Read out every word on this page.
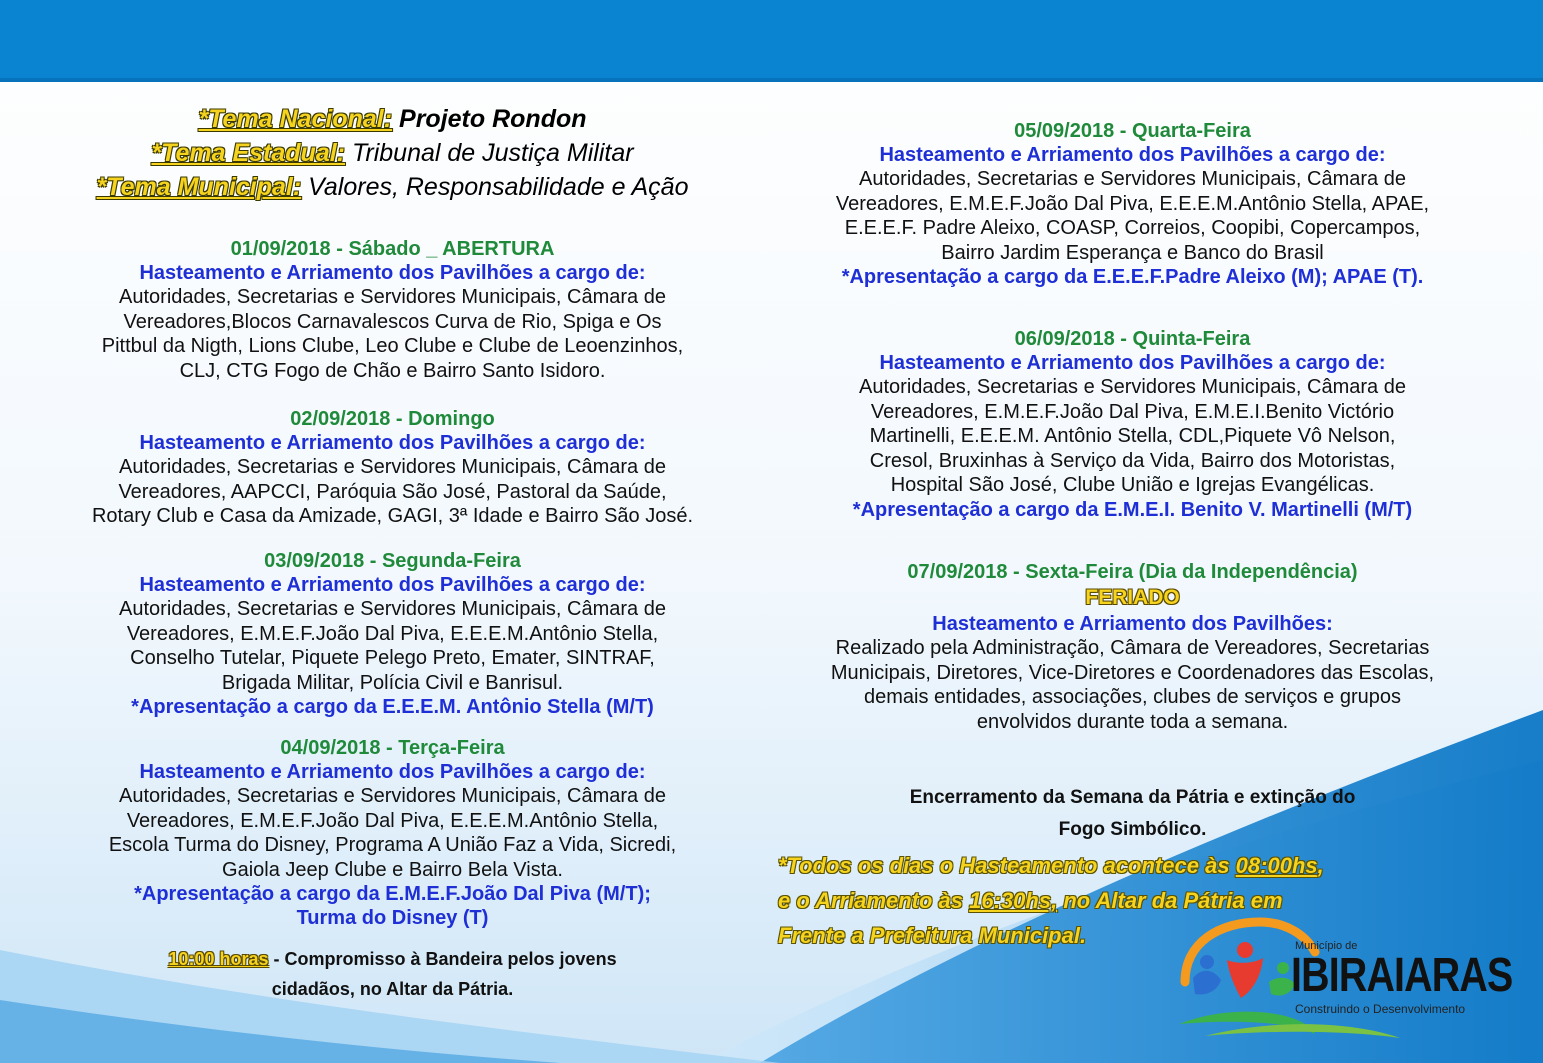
*Tema Nacional: Projeto Rondon
*Tema Estadual: Tribunal de Justiça Militar
*Tema Municipal: Valores, Responsabilidade e Ação
01/09/2018 - Sábado _ ABERTURA
Hasteamento e Arriamento dos Pavilhões a cargo de:
Autoridades, Secretarias e Servidores Municipais, Câmara de
Vereadores,Blocos Carnavalescos Curva de Rio, Spiga e Os
Pittbul da Nigth, Lions Clube, Leo Clube e Clube de Leoenzinhos,
CLJ, CTG Fogo de Chão e Bairro Santo Isidoro.
02/09/2018 - Domingo
Hasteamento e Arriamento dos Pavilhões a cargo de:
Autoridades, Secretarias e Servidores Municipais, Câmara de
Vereadores, AAPCCI, Paróquia São José, Pastoral da Saúde,
Rotary Club e Casa da Amizade, GAGI, 3ª Idade e Bairro São José.
03/09/2018 - Segunda-Feira
Hasteamento e Arriamento dos Pavilhões a cargo de:
Autoridades, Secretarias e Servidores Municipais, Câmara de
Vereadores, E.M.E.F.João Dal Piva, E.E.E.M.Antônio Stella,
Conselho Tutelar, Piquete Pelego Preto, Emater, SINTRAF,
Brigada Militar, Polícia Civil e Banrisul.
*Apresentação a cargo da E.E.E.M. Antônio Stella (M/T)
04/09/2018 - Terça-Feira
Hasteamento e Arriamento dos Pavilhões a cargo de:
Autoridades, Secretarias e Servidores Municipais, Câmara de
Vereadores, E.M.E.F.João Dal Piva, E.E.E.M.Antônio Stella,
Escola Turma do Disney, Programa A União Faz a Vida, Sicredi,
Gaiola Jeep Clube e Bairro Bela Vista.
*Apresentação a cargo da E.M.E.F.João Dal Piva (M/T);
Turma do Disney (T)
10:00 horas - Compromisso à Bandeira pelos jovens
cidadãos, no Altar da Pátria.
05/09/2018 - Quarta-Feira
Hasteamento e Arriamento dos Pavilhões a cargo de:
Autoridades, Secretarias e Servidores Municipais, Câmara de
Vereadores, E.M.E.F.João Dal Piva, E.E.E.M.Antônio Stella, APAE,
E.E.E.F. Padre Aleixo, COASP, Correios, Coopibi, Copercampos,
Bairro Jardim Esperança e Banco do Brasil
*Apresentação a cargo da E.E.E.F.Padre Aleixo (M); APAE (T).
06/09/2018 - Quinta-Feira
Hasteamento e Arriamento dos Pavilhões a cargo de:
Autoridades, Secretarias e Servidores Municipais, Câmara de
Vereadores, E.M.E.F.João Dal Piva, E.M.E.I.Benito Victório
Martinelli, E.E.E.M. Antônio Stella, CDL,Piquete Vô Nelson,
Cresol, Bruxinhas à Serviço da Vida, Bairro dos Motoristas,
Hospital São José, Clube União e Igrejas Evangélicas.
*Apresentação a cargo da E.M.E.I. Benito V. Martinelli (M/T)
07/09/2018 - Sexta-Feira (Dia da Independência)
FERIADO
Hasteamento e Arriamento dos Pavilhões:
Realizado pela Administração, Câmara de Vereadores, Secretarias
Municipais, Diretores, Vice-Diretores e Coordenadores das Escolas,
demais entidades, associações, clubes de serviços e grupos
envolvidos durante toda a semana.
Encerramento da Semana da Pátria e extinção do
Fogo Simbólico.
*Todos os dias o Hasteamento acontece às 08:00hs,
e o Arriamento às 16:30hs, no Altar da Pátria em
Frente a Prefeitura Municipal.	Município de
IBIRAIARAS
Construindo o Desenvolvimento
